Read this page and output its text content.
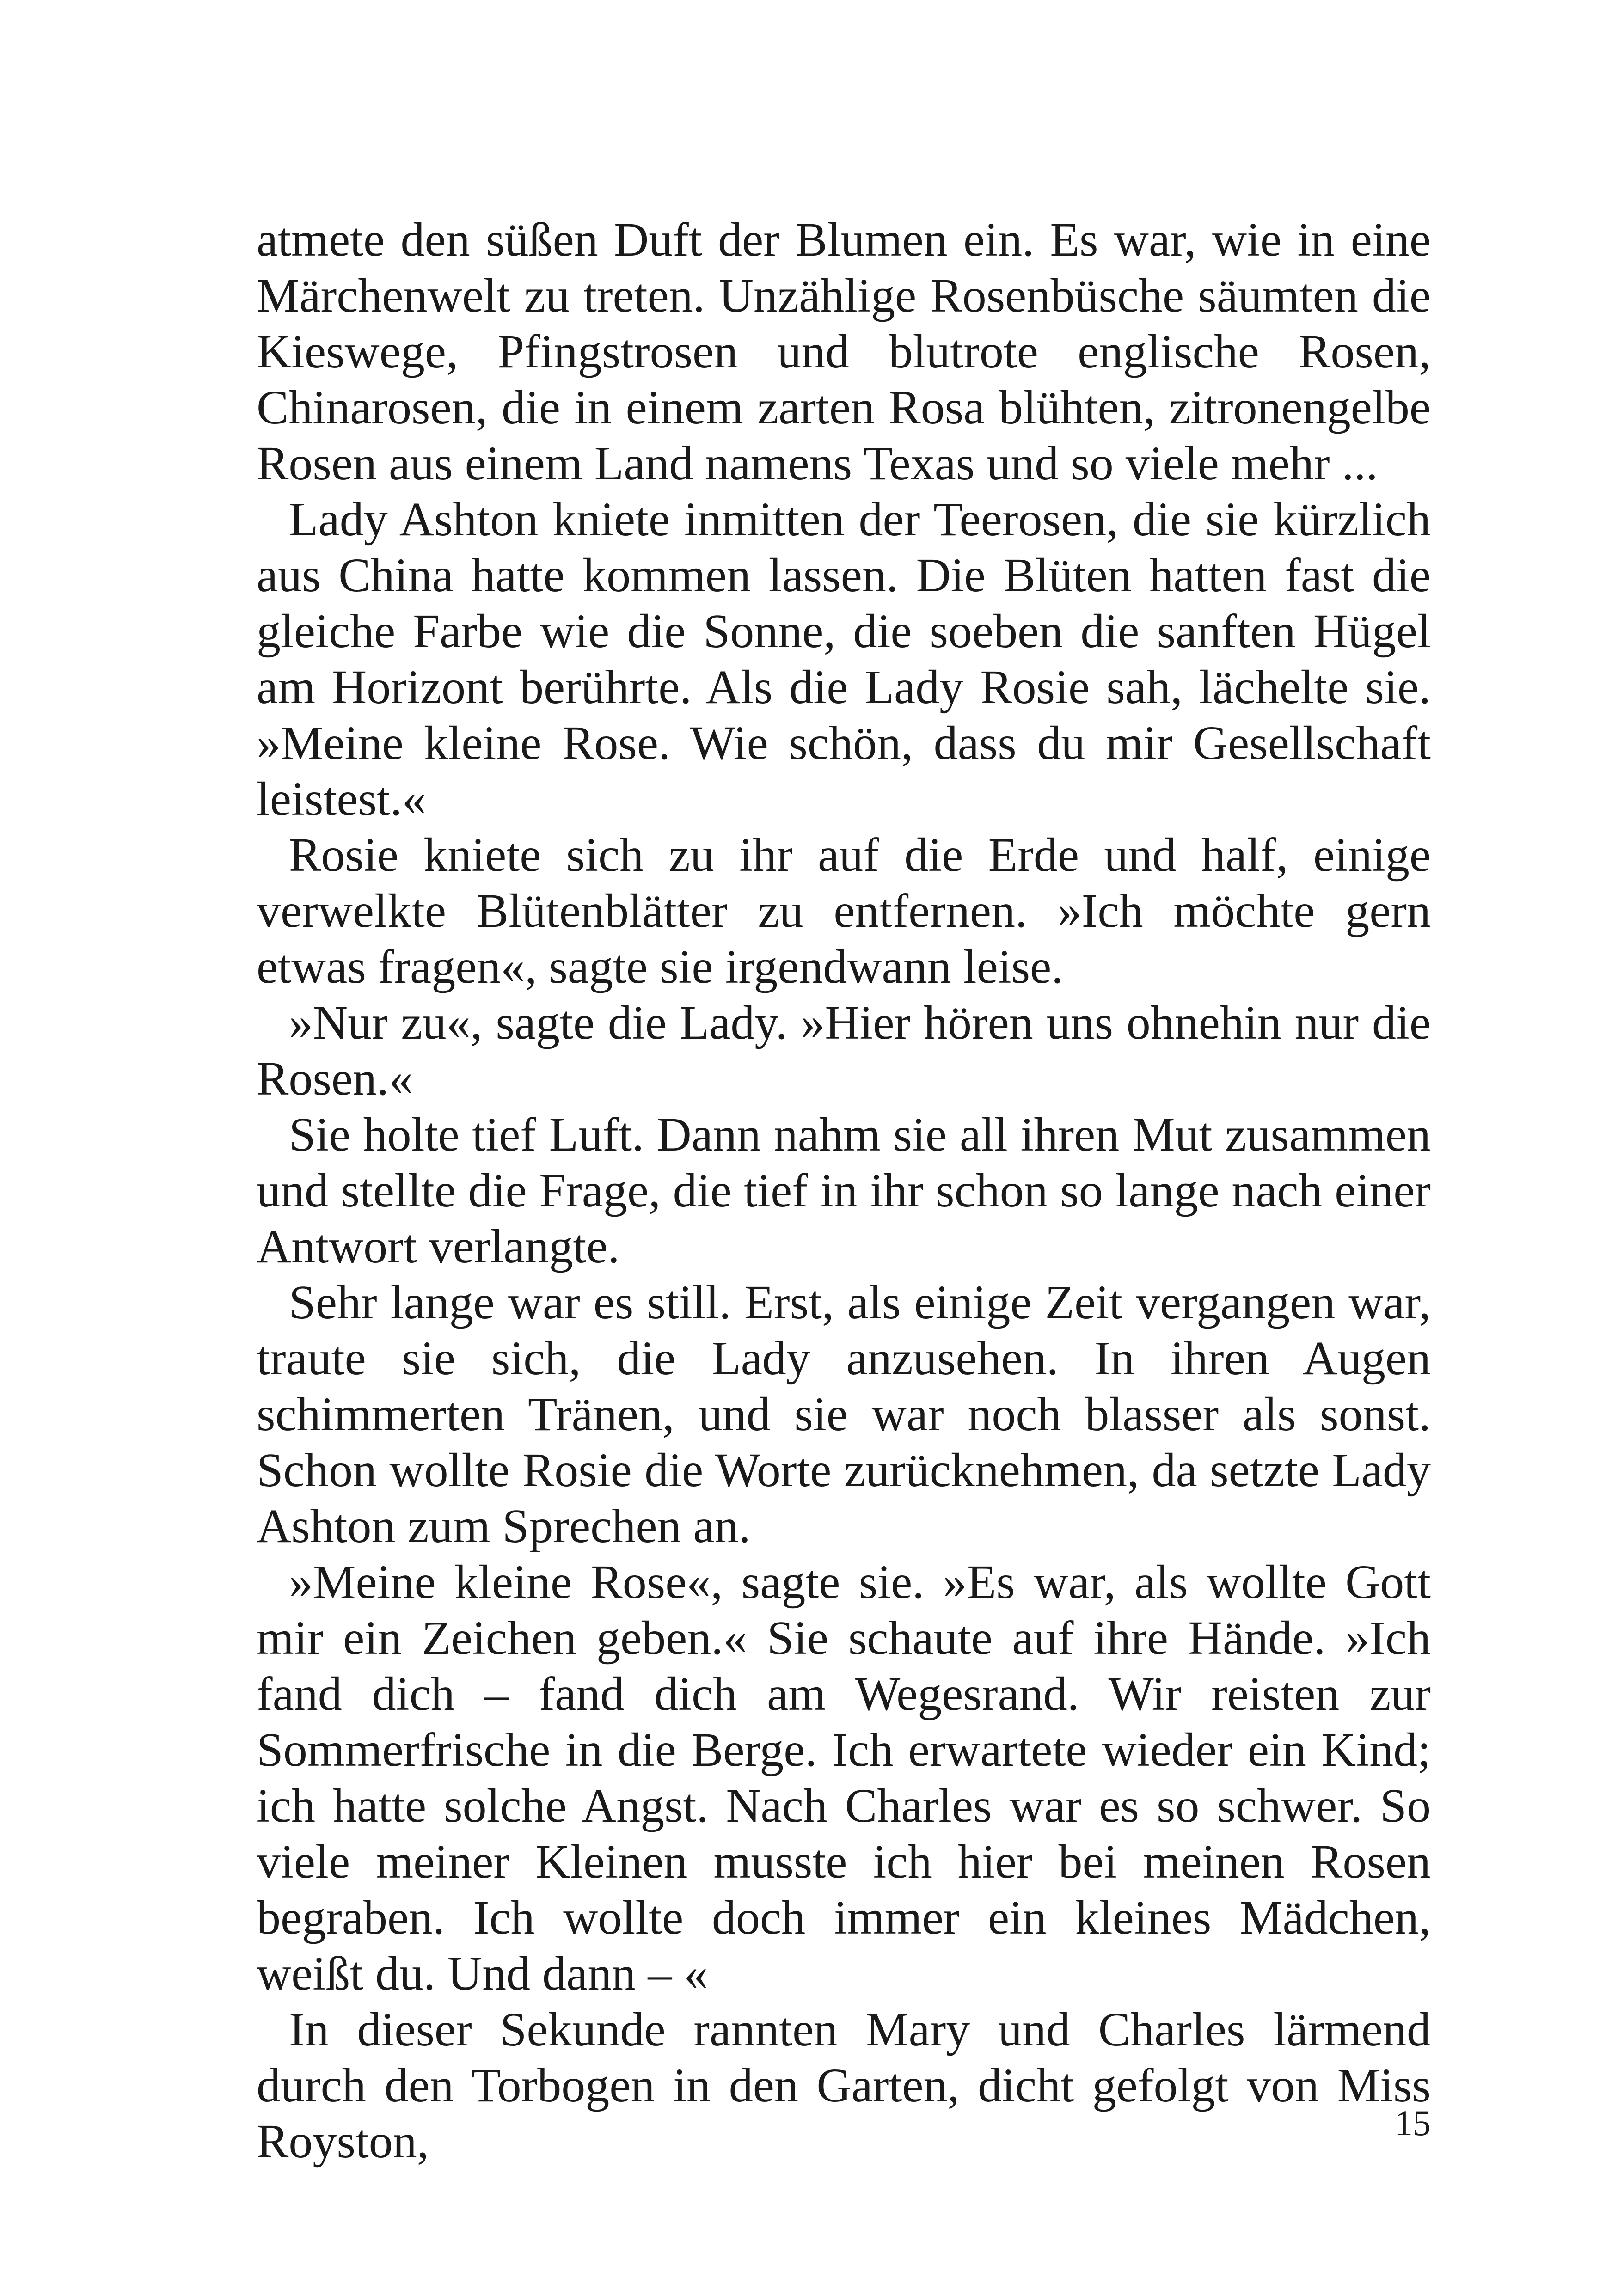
atmete den süßen Duft der Blumen ein. Es war, wie in eine Märchenwelt zu treten. Unzählige Rosenbüsche säumten die Kieswege, Pfingstrosen und blutrote englische Rosen, Chinarosen, die in einem zarten Rosa blühten, zitronengelbe Rosen aus einem Land namens Texas und so viele mehr ...

Lady Ashton kniete inmitten der Teerosen, die sie kürzlich aus China hatte kommen lassen. Die Blüten hatten fast die gleiche Farbe wie die Sonne, die soeben die sanften Hügel am Horizont berührte. Als die Lady Rosie sah, lächelte sie. »Meine kleine Rose. Wie schön, dass du mir Gesellschaft leistest.«

Rosie kniete sich zu ihr auf die Erde und half, einige verwelkte Blütenblätter zu entfernen. »Ich möchte gern etwas fragen«, sagte sie irgendwann leise.

»Nur zu«, sagte die Lady. »Hier hören uns ohnehin nur die Rosen.«

Sie holte tief Luft. Dann nahm sie all ihren Mut zusammen und stellte die Frage, die tief in ihr schon so lange nach einer Antwort verlangte.

Sehr lange war es still. Erst, als einige Zeit vergangen war, traute sie sich, die Lady anzusehen. In ihren Augen schimmerten Tränen, und sie war noch blasser als sonst. Schon wollte Rosie die Worte zurücknehmen, da setzte Lady Ashton zum Sprechen an.

»Meine kleine Rose«, sagte sie. »Es war, als wollte Gott mir ein Zeichen geben.« Sie schaute auf ihre Hände. »Ich fand dich – fand dich am Wegesrand. Wir reisten zur Sommerfrische in die Berge. Ich erwartete wieder ein Kind; ich hatte solche Angst. Nach Charles war es so schwer. So viele meiner Kleinen musste ich hier bei meinen Rosen begraben. Ich wollte doch immer ein kleines Mädchen, weißt du. Und dann – «

In dieser Sekunde rannten Mary und Charles lärmend durch den Torbogen in den Garten, dicht gefolgt von Miss Royston,	15
